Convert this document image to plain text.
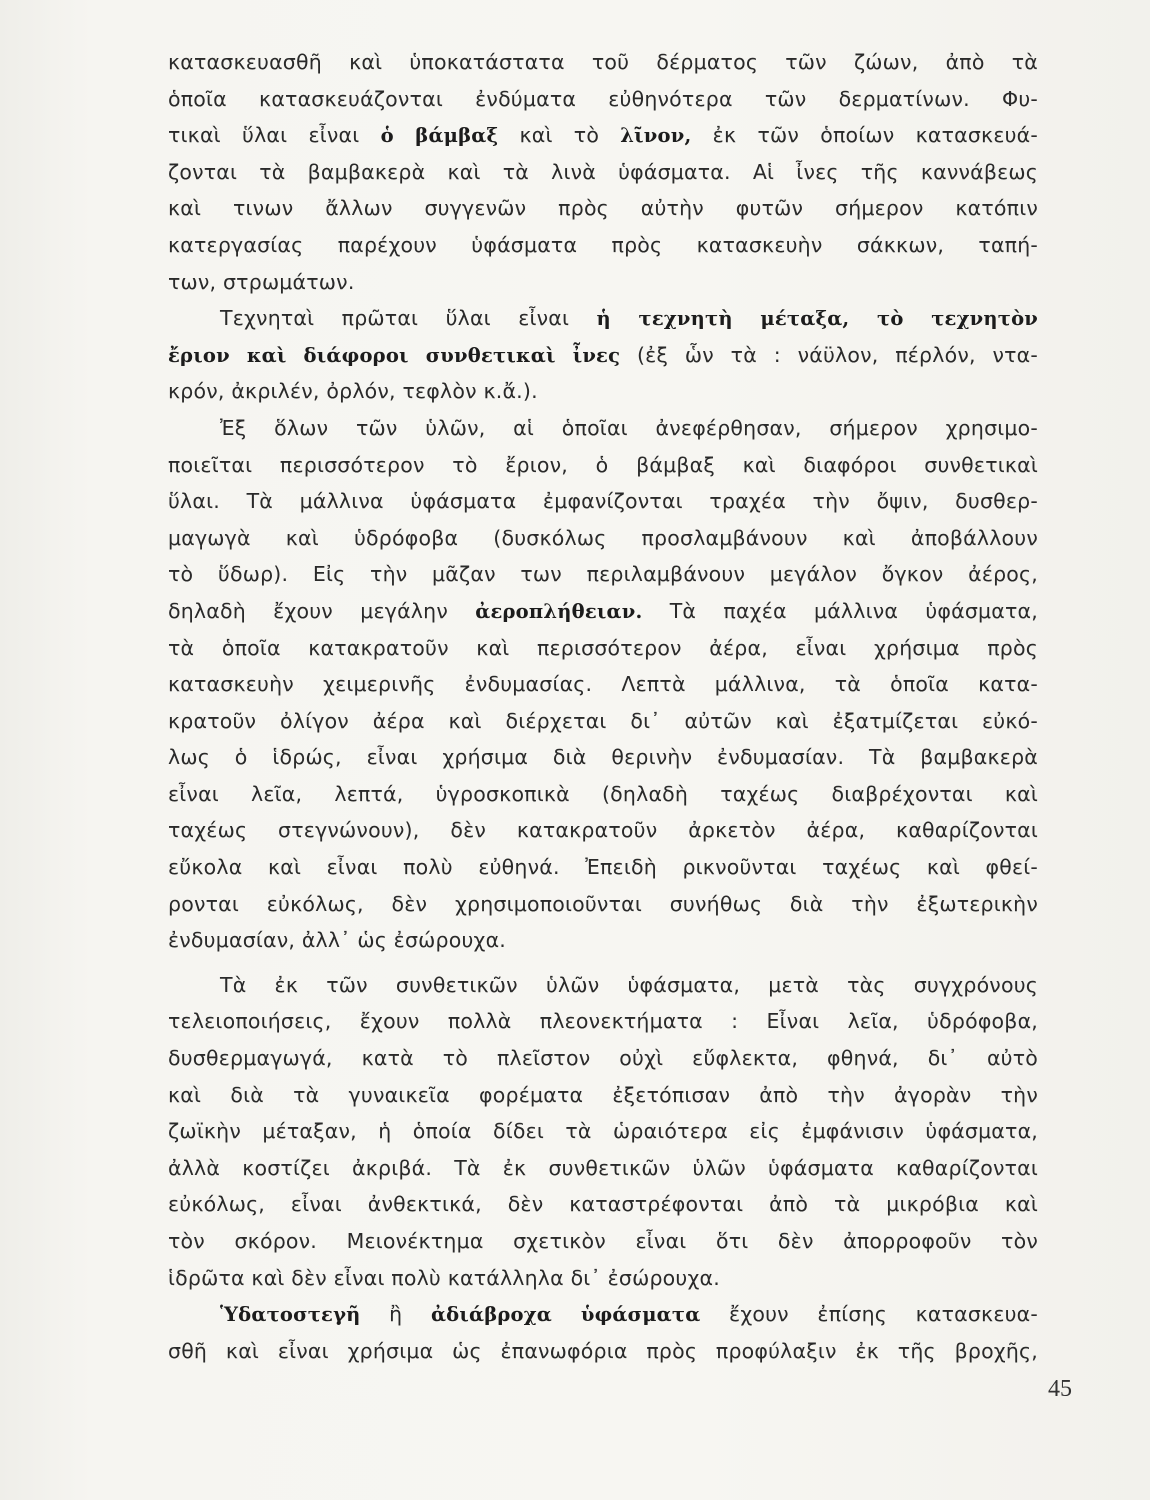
κατασκευασθῆ καὶ ὑποκατάστατα τοῦ δέρματος τῶν ζώων, ἀπὸ τὰ
ὁποῖα κατασκευάζονται ἐνδύματα εὐθηνότερα τῶν δερματίνων. Φυ-
τικαὶ ὕλαι εἶναι ὁ βάμβαξ καὶ τὸ λῖνον, ἐκ τῶν ὁποίων κατασκευά-
ζονται τὰ βαμβακερὰ καὶ τὰ λινὰ ὑφάσματα. Αἱ ἶνες τῆς καννάβεως
καὶ τινων ἄλλων συγγενῶν πρὸς αὐτὴν φυτῶν σήμερον κατόπιν
κατεργασίας παρέχουν ὑφάσματα πρὸς κατασκευὴν σάκκων, ταπή-
των, στρωμάτων.
Τεχνηταὶ πρῶται ὕλαι εἶναι ἡ τεχνητὴ μέταξα, τὸ τεχνητὸν
ἔριον καὶ διάφοροι συνθετικαὶ ἶνες (ἐξ ὧν τὰ : νάϋλον, πέρλόν, ντα-
κρόν, ἀκριλέν, ὀρλόν, τεφλὸν κ.ἄ.).
Ἐξ ὅλων τῶν ὑλῶν, αἱ ὁποῖαι ἀνεφέρθησαν, σήμερον χρησιμο-
ποιεῖται περισσότερον τὸ ἔριον, ὁ βάμβαξ καὶ διαφόροι συνθετικαὶ
ὕλαι. Τὰ μάλλινα ὑφάσματα ἐμφανίζονται τραχέα τὴν ὄψιν, δυσθερ-
μαγωγὰ καὶ ὑδρόφοβα (δυσκόλως προσλαμβάνουν καὶ ἀποβάλλουν
τὸ ὕδωρ). Εἰς τὴν μᾶζαν των περιλαμβάνουν μεγάλον ὄγκον ἀέρος,
δηλαδὴ ἔχουν μεγάλην ἀεροπλήθειαν. Τὰ παχέα μάλλινα ὑφάσματα,
τὰ ὁποῖα κατακρατοῦν καὶ περισσότερον ἀέρα, εἶναι χρήσιμα πρὸς
κατασκευὴν χειμερινῆς ἐνδυμασίας. Λεπτὰ μάλλινα, τὰ ὁποῖα κατα-
κρατοῦν ὀλίγον ἀέρα καὶ διέρχεται δι᾽ αὐτῶν καὶ ἐξατμίζεται εὐκό-
λως ὁ ἱδρώς, εἶναι χρήσιμα διὰ θερινὴν ἐνδυμασίαν. Τὰ βαμβακερὰ
εἶναι λεῖα, λεπτά, ὑγροσκοπικὰ (δηλαδὴ ταχέως διαβρέχονται καὶ
ταχέως στεγνώνουν), δὲν κατακρατοῦν ἀρκετὸν ἀέρα, καθαρίζονται
εὔκολα καὶ εἶναι πολὺ εὐθηνά. Ἐπειδὴ ρικνοῦνται ταχέως καὶ φθεί-
ρονται εὐκόλως, δὲν χρησιμοποιοῦνται συνήθως διὰ τὴν ἐξωτερικὴν
ἐνδυμασίαν, ἀλλ᾽ ὡς ἐσώρουχα.
Τὰ ἐκ τῶν συνθετικῶν ὑλῶν ὑφάσματα, μετὰ τὰς συγχρόνους
τελειοποιήσεις, ἔχουν πολλὰ πλεονεκτήματα : Εἶναι λεῖα, ὑδρόφοβα,
δυσθερμαγωγά, κατὰ τὸ πλεῖστον οὐχὶ εὔφλεκτα, φθηνά, δι᾽ αὐτὸ
καὶ διὰ τὰ γυναικεῖα φορέματα ἐξετόπισαν ἀπὸ τὴν ἀγορὰν τὴν
ζωϊκὴν μέταξαν, ἡ ὁποία δίδει τὰ ὡραιότερα εἰς ἐμφάνισιν ὑφάσματα,
ἀλλὰ κοστίζει ἀκριβά. Τὰ ἐκ συνθετικῶν ὑλῶν ὑφάσματα καθαρίζονται
εὐκόλως, εἶναι ἀνθεκτικά, δὲν καταστρέφονται ἀπὸ τὰ μικρόβια καὶ
τὸν σκόρον. Μειονέκτημα σχετικὸν εἶναι ὅτι δὲν ἀπορροφοῦν τὸν
ἱδρῶτα καὶ δὲν εἶναι πολὺ κατάλληλα δι᾽ ἐσώρουχα.
Ὑδατοστεγῆ ἢ ἀδιάβροχα ὑφάσματα ἔχουν ἐπίσης κατασκευα-
σθῆ καὶ εἶναι χρήσιμα ὡς ἐπανωφόρια πρὸς προφύλαξιν ἐκ τῆς βροχῆς,
45
